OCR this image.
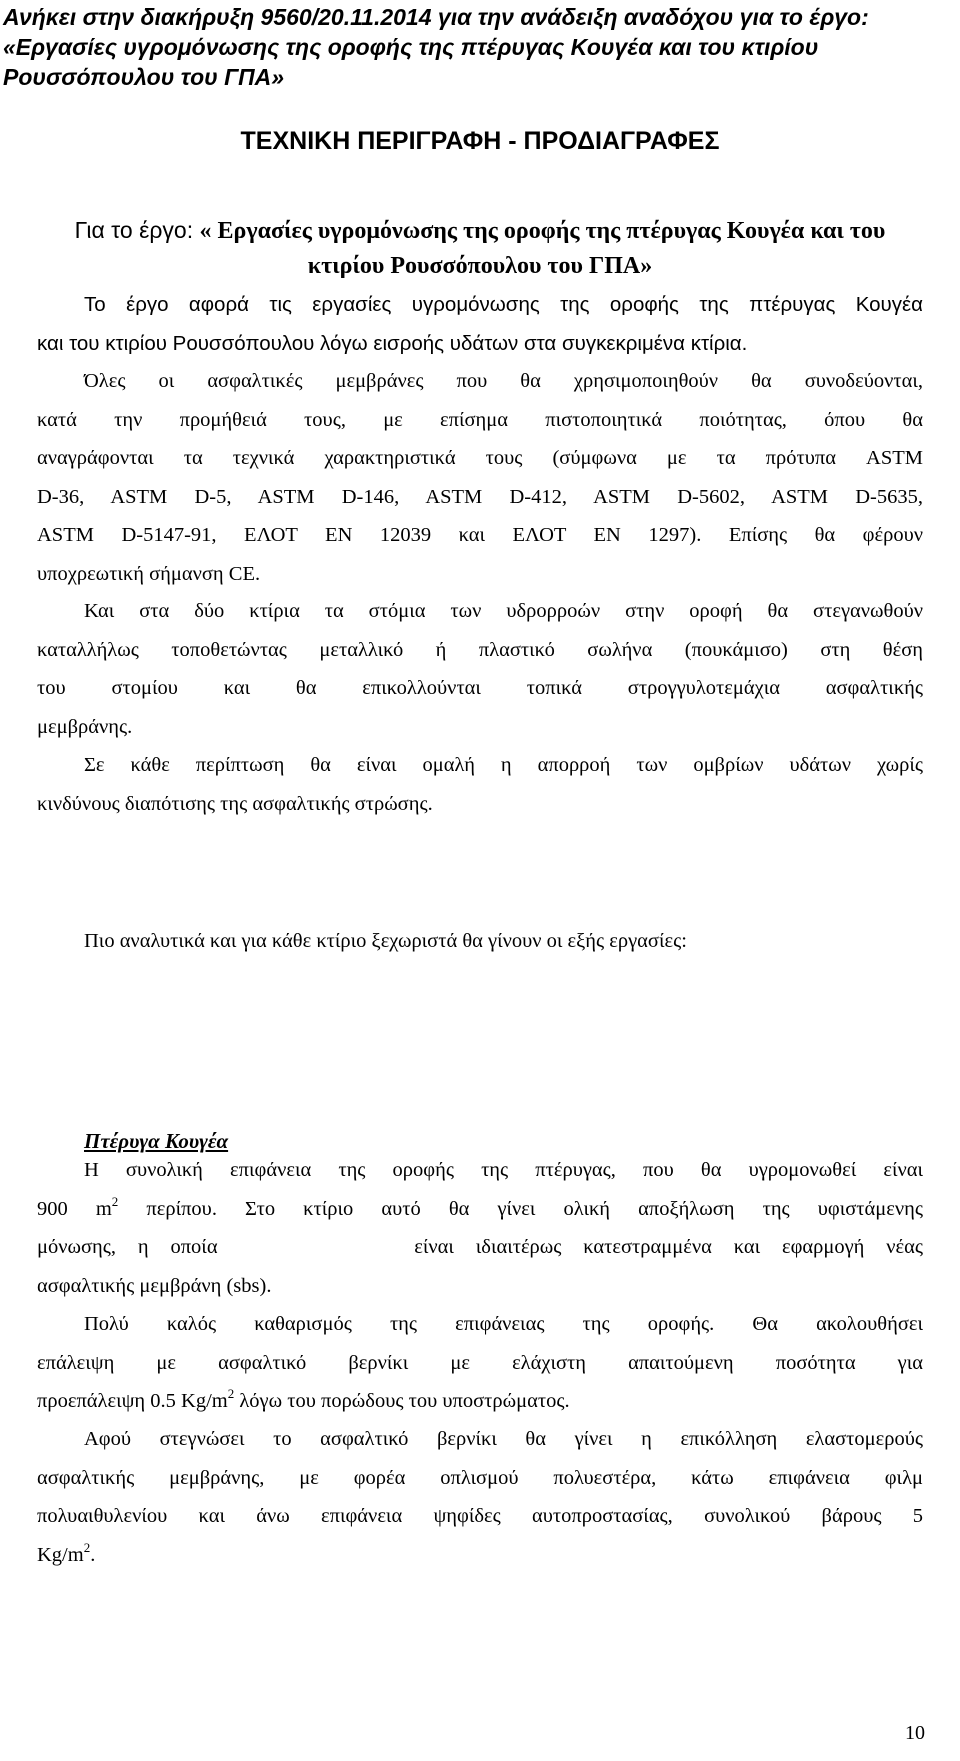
Ανήκει στην διακήρυξη 9560/20.11.2014 για την ανάδειξη αναδόχου για το έργο:
«Εργασίες υγρομόνωσης της οροφής της πτέρυγας Κουγέα και του κτιρίου
Ρουσσόπουλου του ΓΠΑ»
ΤΕΧΝΙΚΗ ΠΕΡΙΓΡΑΦΗ - ΠΡΟΔΙΑΓΡΑΦΕΣ
Για το έργο: « Εργασίες υγρομόνωσης της οροφής της πτέρυγας Κουγέα και του
κτιρίου Ρουσσόπουλου του ΓΠΑ»
Το έργο αφορά τις εργασίες υγρομόνωσης της οροφής της πτέρυγας Κουγέα
και του κτιρίου Ρουσσόπουλου λόγω εισροής υδάτων στα συγκεκριμένα κτίρια.
Όλες οι ασφαλτικές μεμβράνες που θα χρησιμοποιηθούν θα συνοδεύονται,
κατά την προμήθειά τους, με επίσημα πιστοποιητικά ποιότητας, όπου θα
αναγράφονται τα τεχνικά χαρακτηριστικά τους (σύμφωνα με τα πρότυπα ASTM
D-36, ASTM D-5, ASTM D-146, ASTM D-412, ASTM D-5602, ASTM D-5635,
ASTM D-5147-91, ΕΛΟΤ ΕΝ 12039 και ΕΛΟΤ ΕΝ 1297). Επίσης θα φέρουν
υποχρεωτική σήμανση CE.
Και στα δύο κτίρια τα στόμια των υδρορροών στην οροφή θα στεγανωθούν
καταλλήλως τοποθετώντας μεταλλικό ή πλαστικό σωλήνα (πουκάμισο) στη θέση
του στομίου και θα επικολλούνται τοπικά στρογγυλοτεμάχια ασφαλτικής
μεμβράνης.
Σε κάθε περίπτωση θα είναι ομαλή η απορροή των ομβρίων υδάτων χωρίς
κινδύνους διαπότισης της ασφαλτικής στρώσης.
Πιο αναλυτικά και για κάθε κτίριο ξεχωριστά θα γίνουν οι εξής εργασίες:
Πτέρυγα Κουγέα
Η συνολική επιφάνεια της οροφής της πτέρυγας, που θα υγρομονωθεί είναι
900 $m^2$ περίπου. Στο κτίριο αυτό θα γίνει ολική αποξήλωση της υφιστάμενης
μόνωσης, η οποία         είναι ιδιαιτέρως κατεστραμμένα και εφαρμογή νέας
ασφαλτικής μεμβράνη (sbs).
Πολύ καλός καθαρισμός της επιφάνειας της οροφής. Θα ακολουθήσει
επάλειψη με ασφαλτικό βερνίκι με ελάχιστη απαιτούμενη ποσότητα για
προεπάλειψη 0.5 $Kg/m^2$ λόγω του πορώδους του υποστρώματος.
Αφού στεγνώσει το ασφαλτικό βερνίκι θα γίνει η επικόλληση ελαστομερούς
ασφαλτικής μεμβράνης, με φορέα οπλισμού πολυεστέρα, κάτω επιφάνεια φιλμ
πολυαιθυλενίου και άνω επιφάνεια ψηφίδες αυτοπροστασίας, συνολικού βάρους 5
$Kg/m^2$.
10
